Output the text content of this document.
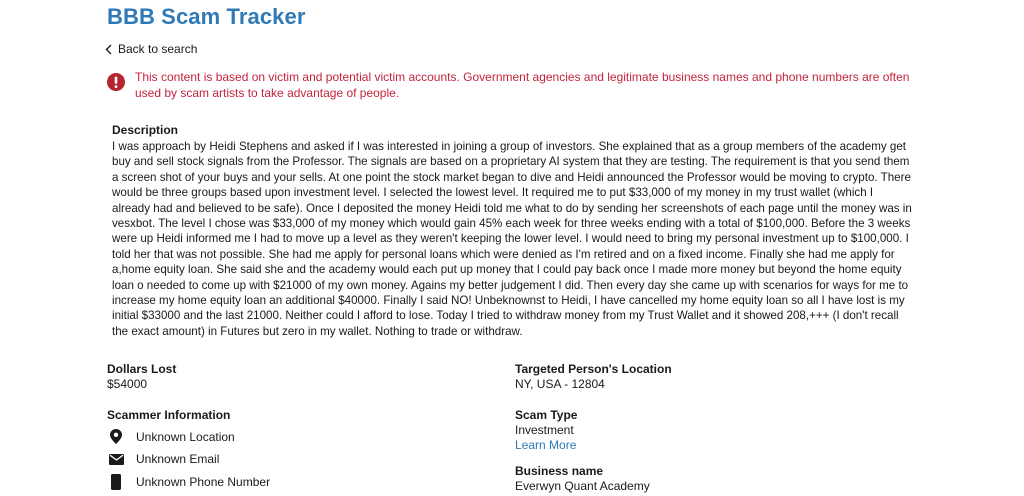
BBB Scam Tracker
Back to search
This content is based on victim and potential victim accounts. Government agencies and legitimate business names and phone numbers are often used by scam artists to take advantage of people.
Description
I was approach by Heidi Stephens and asked if I was interested in joining a group of investors. She explained that as a group members of the academy get buy and sell stock signals from the Professor. The signals are based on a proprietary AI system that they are testing. The requirement is that you send them a screen shot of your buys and your sells. At one point the stock market began to dive and Heidi announced the Professor would be moving to crypto. There would be three groups based upon investment level. I selected the lowest level. It required me to put $33,000 of my money in my trust wallet (which I already had and believed to be safe). Once I deposited the money Heidi told me what to do by sending her screenshots of each page until the money was in vesxbot. The level I chose was $33,000 of my money which would gain 45% each week for three weeks ending with a total of $100,000. Before the 3 weeks were up Heidi informed me I had to move up a level as they weren't keeping the lower level. I would need to bring my personal investment up to $100,000. I told her that was not possible. She had me apply for personal loans which were denied as I'm retired and on a fixed income. Finally she had me apply for a,home equity loan. She said she and the academy would each put up money that I could pay back once I made more money but beyond the home equity loan o needed to come up with $21000 of my own money. Agains my better judgement I did. Then every day she came up with scenarios for ways for me to increase my home equity loan an additional $40000. Finally I said NO! Unbeknownst to Heidi, I have cancelled my home equity loan so all I have lost is my initial $33000 and the last 21000. Neither could I afford to lose. Today I tried to withdraw money from my Trust Wallet and it showed 208,+++ (I don't recall the exact amount) in Futures but zero in my wallet. Nothing to trade or withdraw.
Dollars Lost
$54000
Targeted Person's Location
NY, USA - 12804
Scammer Information
Unknown Location
Unknown Email
Unknown Phone Number
Scam Type
Investment
Learn More
Business name
Everwyn Quant Academy
